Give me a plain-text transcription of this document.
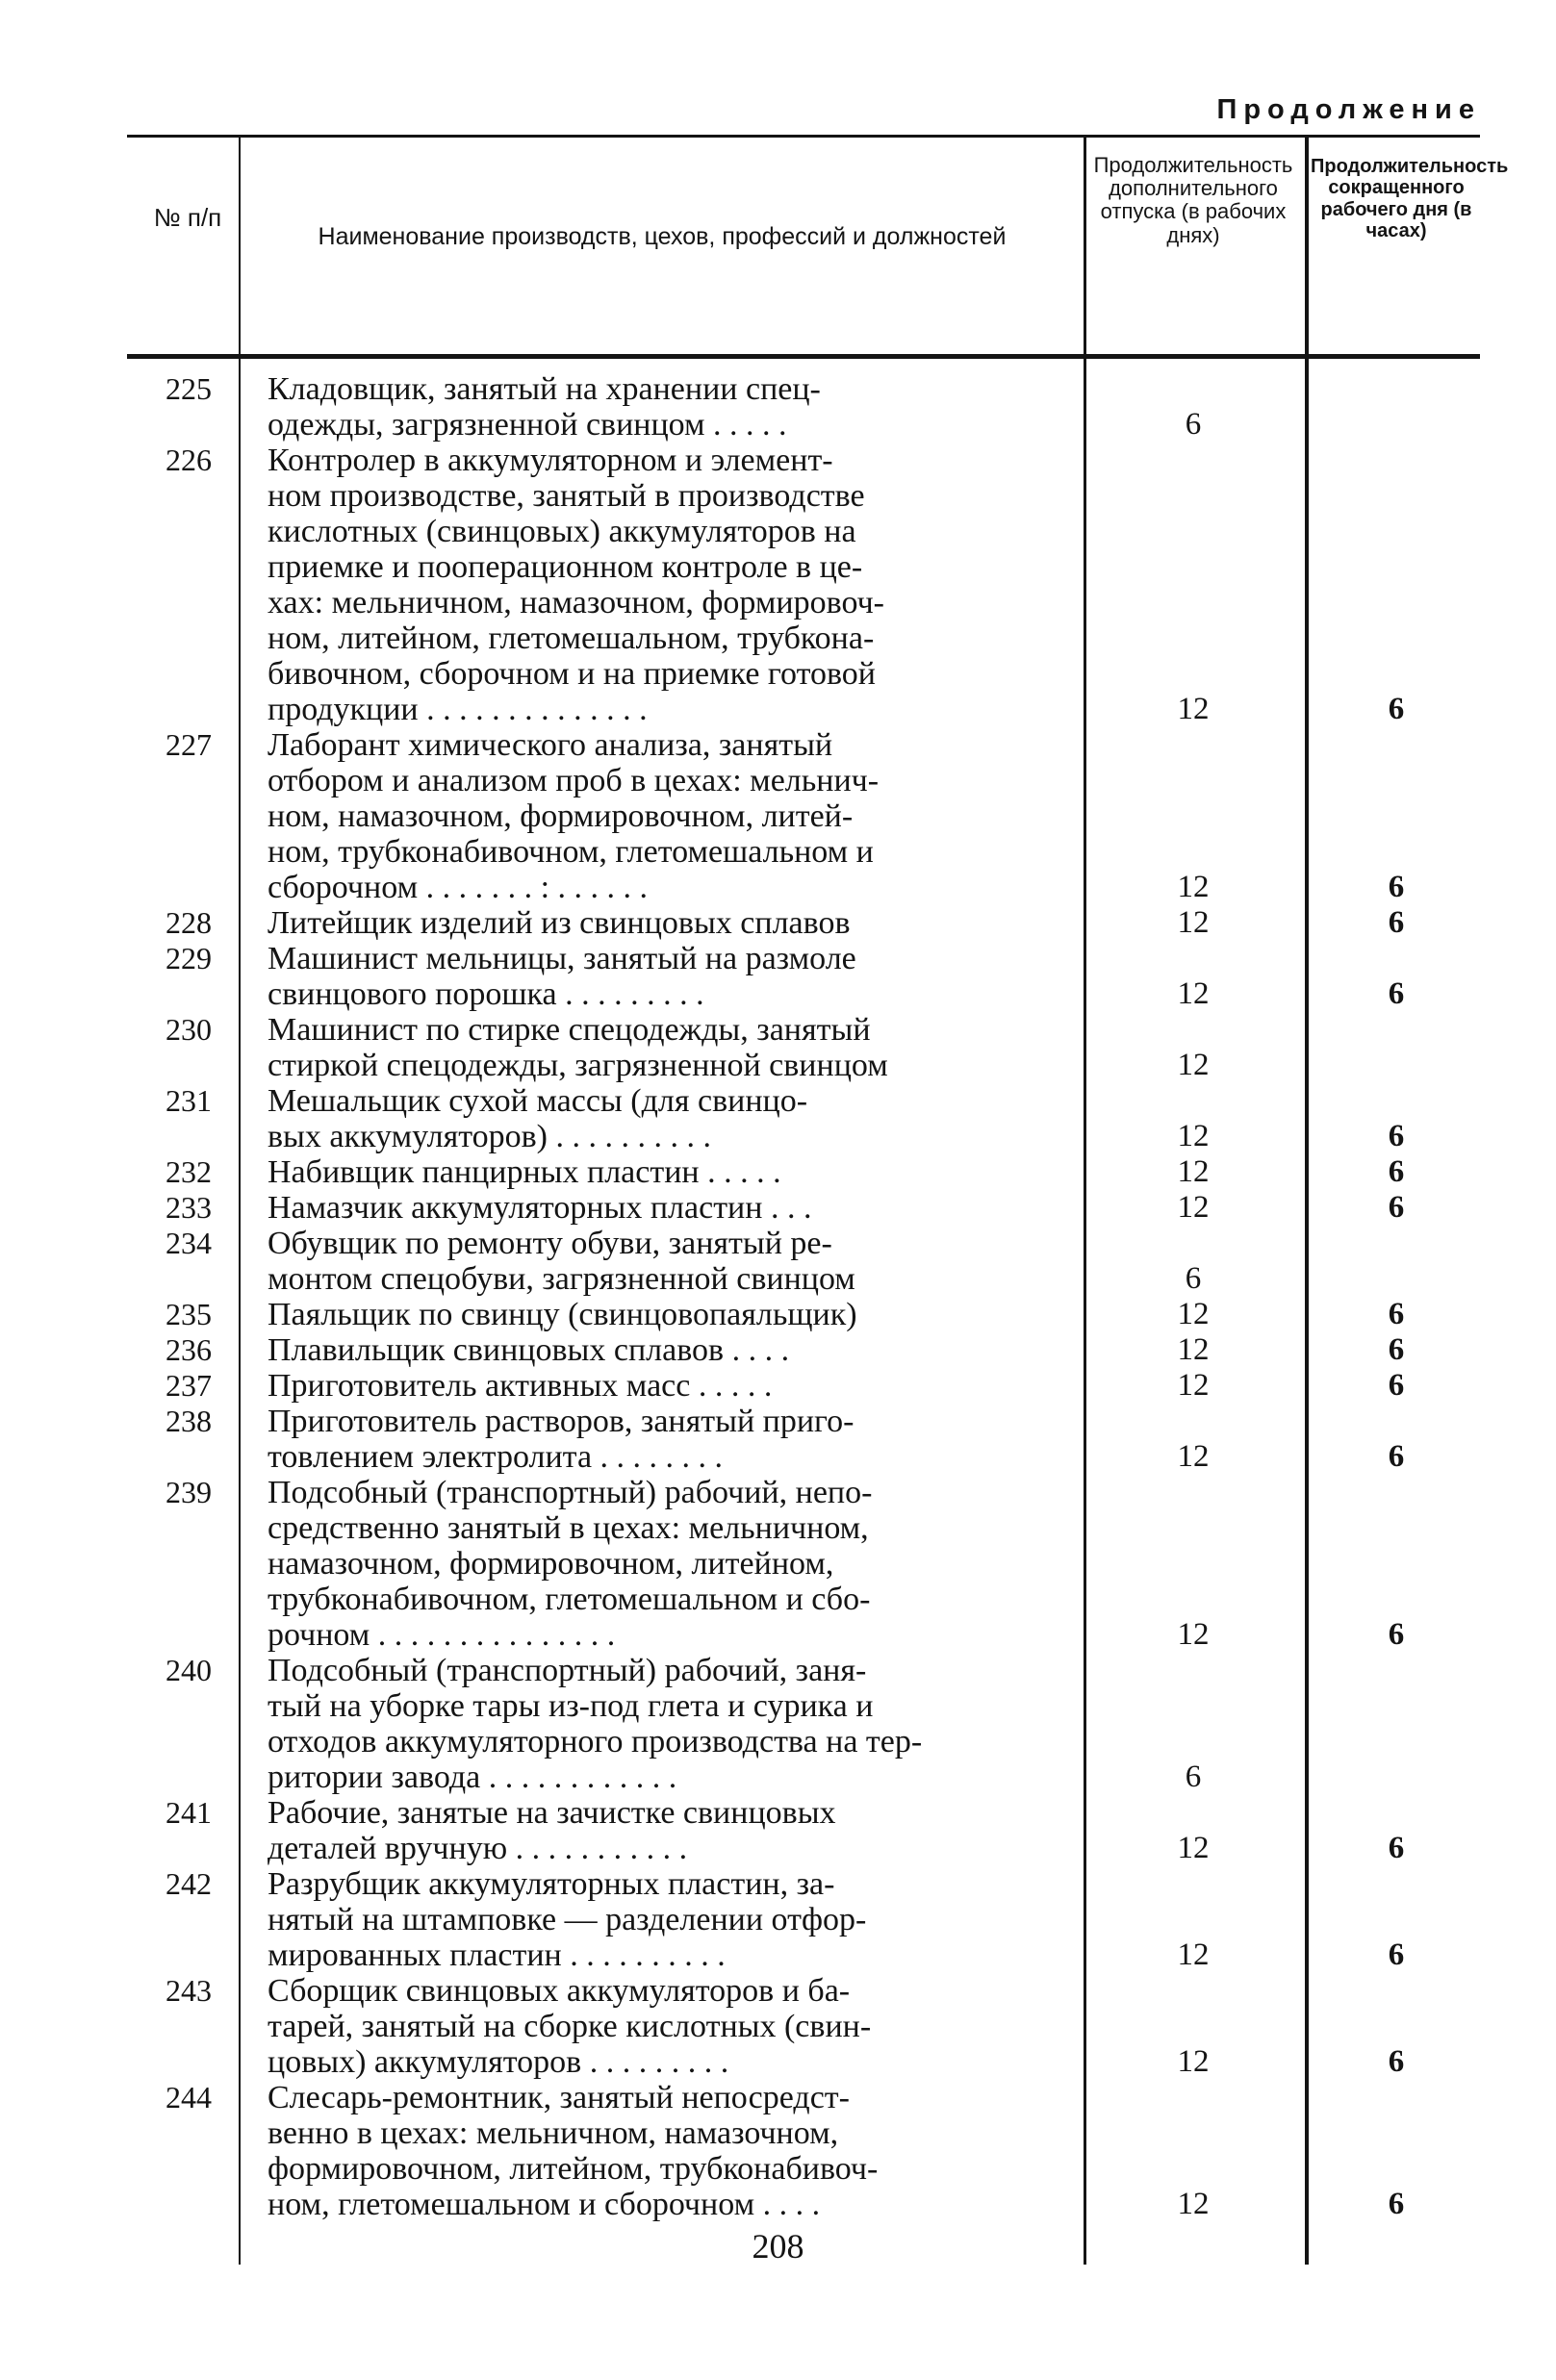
Продолжение
№ п/п
Наименование производств, цехов, профессий и должностей
Продолжительность дополнительного отпуска (в рабочих днях)
Продолжительность сокращенного рабочего дня (в часах)
225	Кладовщик, занятый на хранении спец-
одежды, загрязненной свинцом . . . . .	6
226	Контролер в аккумуляторном и элемент-
ном производстве, занятый в производстве
кислотных (свинцовых) аккумуляторов на
приемке и пооперационном контроле в це-
хах: мельничном, намазочном, формировоч-
ном, литейном, глетомешальном, трубкона-
бивочном, сборочном и на приемке готовой
продукции . . . . . . . . . . . . . .	12	6
227	Лаборант химического анализа, занятый
отбором и анализом проб в цехах: мельнич-
ном, намазочном, формировочном, литей-
ном, трубконабивочном, глетомешальном и
сборочном . . . . . . . : . . . . . .	12	6
228	Литейщик изделий из свинцовых сплавов	12	6
229	Машинист мельницы, занятый на размоле
свинцового порошка . . . . . . . . .	12	6
230	Машинист по стирке спецодежды, занятый
стиркой спецодежды, загрязненной свинцом	12
231	Мешальщик сухой массы (для свинцо-
вых аккумуляторов) . . . . . . . . . .	12	6
232	Набивщик панцирных пластин . . . . .	12	6
233	Намазчик аккумуляторных пластин . . .	12	6
234	Обувщик по ремонту обуви, занятый ре-
монтом спецобуви, загрязненной свинцом	6
235	Паяльщик по свинцу (свинцовопаяльщик)	12	6
236	Плавильщик свинцовых сплавов . . . .	12	6
237	Приготовитель активных масс . . . . .	12	6
238	Приготовитель растворов, занятый приго-
товлением электролита . . . . . . . .	12	6
239	Подсобный (транспортный) рабочий, непо-
средственно занятый в цехах: мельничном,
намазочном, формировочном, литейном,
трубконабивочном, глетомешальном и сбо-
рочном . . . . . . . . . . . . . . .	12	6
240	Подсобный (транспортный) рабочий, заня-
тый на уборке тары из-под глета и сурика и
отходов аккумуляторного производства на тер-
ритории завода . . . . . . . . . . . .	6
241	Рабочие, занятые на зачистке свинцовых
деталей вручную . . . . . . . . . . .	12	6
242	Разрубщик аккумуляторных пластин, за-
нятый на штамповке — разделении отфор-
мированных пластин . . . . . . . . . .	12	6
243	Сборщик свинцовых аккумуляторов и ба-
тарей, занятый на сборке кислотных (свин-
цовых) аккумуляторов . . . . . . . . .	12	6
244	Слесарь-ремонтник, занятый непосредст-
венно в цехах: мельничном, намазочном,
формировочном, литейном, трубконабивоч-
ном, глетомешальном и сборочном . . . .	12	6
208
